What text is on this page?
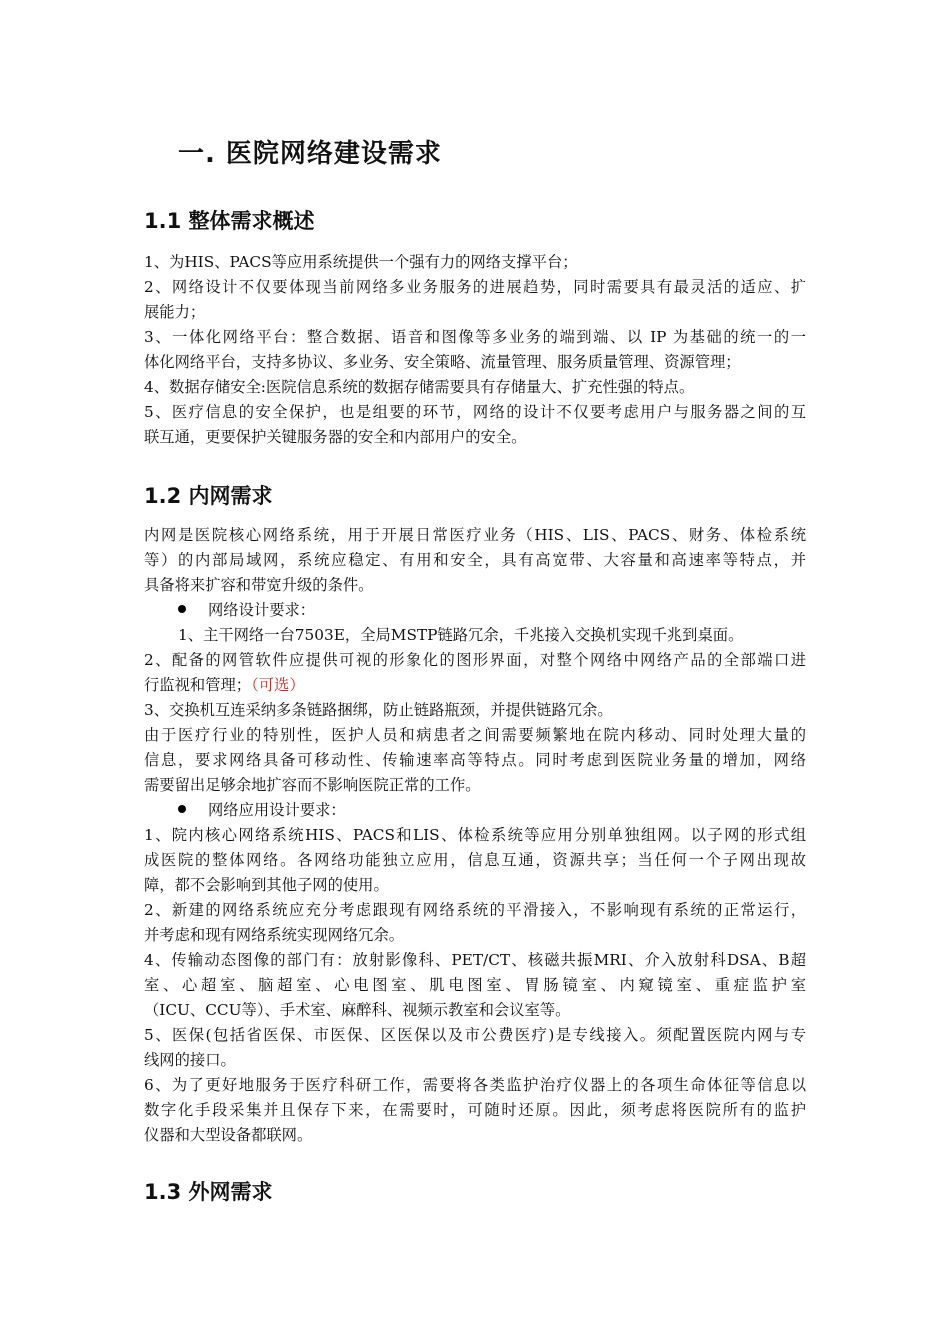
一. 医院网络建设需求
1.1 整体需求概述
1、为HIS、PACS等应用系统提供一个强有力的网络支撑平台；
2、网络设计不仅要体现当前网络多业务服务的进展趋势，同时需要具有最灵活的适应、扩
展能力；
3、一体化网络平台：整合数据、语音和图像等多业务的端到端、以 IP 为基础的统一的一
体化网络平台，支持多协议、多业务、安全策略、流量管理、服务质量管理、资源管理；
4、数据存储安全:医院信息系统的数据存储需要具有存储量大、扩充性强的特点。
5、医疗信息的安全保护，也是组要的环节，网络的设计不仅要考虑用户与服务器之间的互
联互通，更要保护关键服务器的安全和内部用户的安全。
1.2 内网需求
内网是医院核心网络系统，用于开展日常医疗业务（HIS、LIS、PACS、财务、体检系统
等）的内部局域网，系统应稳定、有用和安全，具有高宽带、大容量和高速率等特点，并
具备将来扩容和带宽升级的条件。
网络设计要求：
1、主干网络一台7503E，全局MSTP链路冗余，千兆接入交换机实现千兆到桌面。
2、配备的网管软件应提供可视的形象化的图形界面，对整个网络中网络产品的全部端口进
行监视和管理；（可选）
3、交换机互连采纳多条链路捆绑，防止链路瓶颈，并提供链路冗余。
由于医疗行业的特别性，医护人员和病患者之间需要频繁地在院内移动、同时处理大量的
信息，要求网络具备可移动性、传输速率高等特点。同时考虑到医院业务量的增加，网络
需要留出足够余地扩容而不影响医院正常的工作。
网络应用设计要求：
1、院内核心网络系统HIS、PACS和LIS、体检系统等应用分别单独组网。以子网的形式组
成医院的整体网络。各网络功能独立应用，信息互通，资源共享；当任何一个子网出现故
障，都不会影响到其他子网的使用。
2、新建的网络系统应充分考虑跟现有网络系统的平滑接入，不影响现有系统的正常运行，
并考虑和现有网络系统实现网络冗余。
4、传输动态图像的部门有：放射影像科、PET/CT、核磁共振MRI、介入放射科DSA、B超
室、心超室、脑超室、心电图室、肌电图室、胃肠镜室、内窥镜室、重症监护室
（ICU、CCU等）、手术室、麻醉科、视频示教室和会议室等。
5、医保(包括省医保、市医保、区医保以及市公费医疗)是专线接入。须配置医院内网与专
线网的接口。
6、为了更好地服务于医疗科研工作，需要将各类监护治疗仪器上的各项生命体征等信息以
数字化手段采集并且保存下来，在需要时，可随时还原。因此，须考虑将医院所有的监护
仪器和大型设备都联网。
1.3 外网需求
